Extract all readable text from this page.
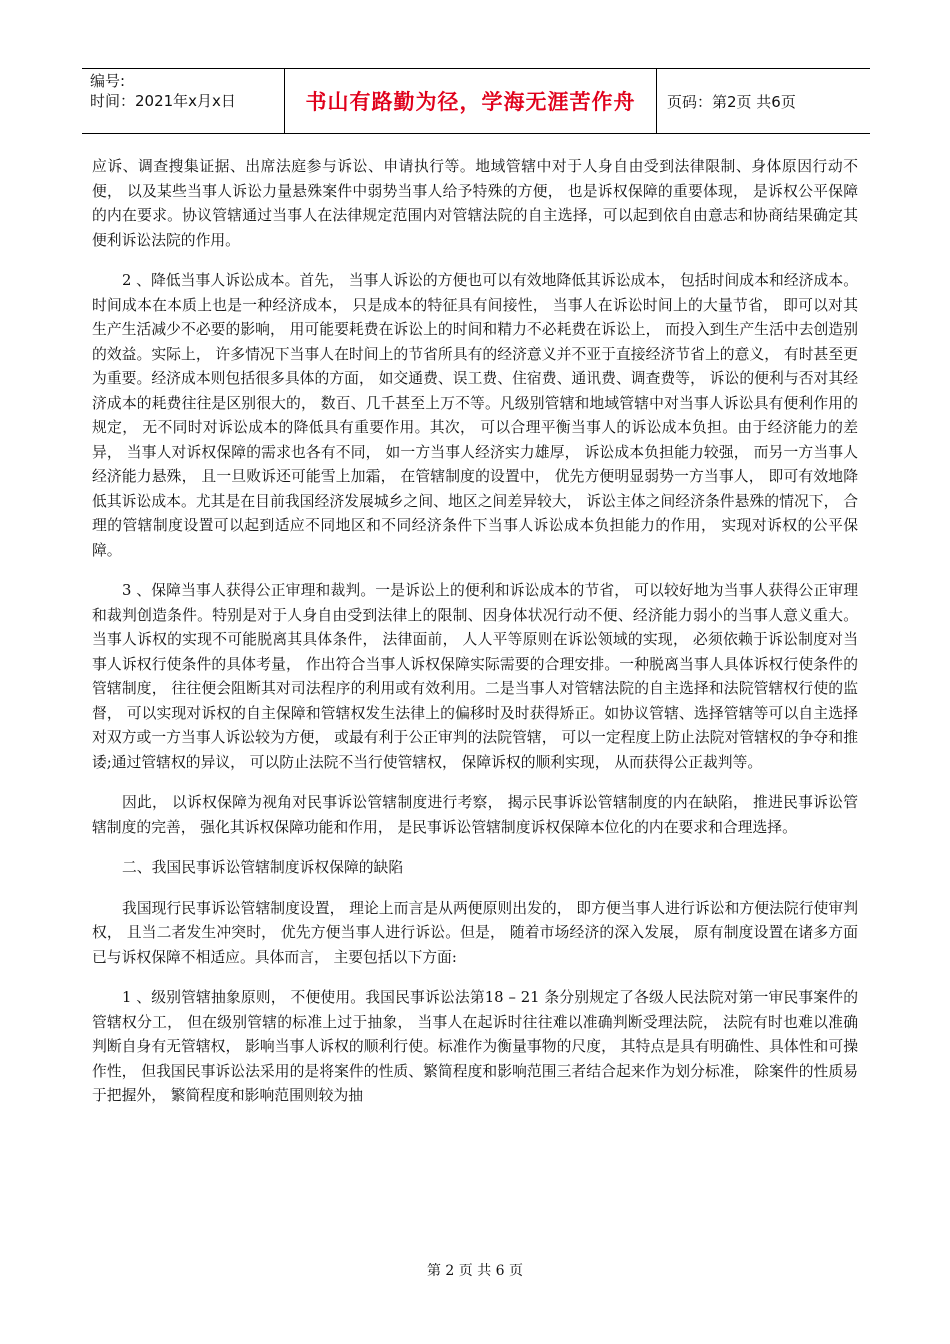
编号:
时间：2021年x月x日	书山有路勤为径，学海无涯苦作舟 页码：第2页 共6页

应诉、调查搜集证据、出席法庭参与诉讼、申请执行等。地域管辖中对于人身自由受到法律限制、身体原因行动不便， 以及某些当事人诉讼力量悬殊案件中弱势当事人给予特殊的方便， 也是诉权保障的重要体现， 是诉权公平保障的内在要求。协议管辖通过当事人在法律规定范围内对管辖法院的自主选择，可以起到依自由意志和协商结果确定其便利诉讼法院的作用。

2 、降低当事人诉讼成本。首先， 当事人诉讼的方便也可以有效地降低其诉讼成本， 包括时间成本和经济成本。时间成本在本质上也是一种经济成本， 只是成本的特征具有间接性， 当事人在诉讼时间上的大量节省， 即可以对其生产生活减少不必要的影响， 用可能要耗费在诉讼上的时间和精力不必耗费在诉讼上， 而投入到生产生活中去创造别的效益。实际上， 许多情况下当事人在时间上的节省所具有的经济意义并不亚于直接经济节省上的意义， 有时甚至更为重要。经济成本则包括很多具体的方面， 如交通费、误工费、住宿费、通讯费、调查费等， 诉讼的便利与否对其经济成本的耗费往往是区别很大的， 数百、几千甚至上万不等。凡级别管辖和地域管辖中对当事人诉讼具有便利作用的规定， 无不同时对诉讼成本的降低具有重要作用。其次， 可以合理平衡当事人的诉讼成本负担。由于经济能力的差异， 当事人对诉权保障的需求也各有不同， 如一方当事人经济实力雄厚， 诉讼成本负担能力较强， 而另一方当事人经济能力悬殊， 且一旦败诉还可能雪上加霜， 在管辖制度的设置中， 优先方便明显弱势一方当事人， 即可有效地降低其诉讼成本。尤其是在目前我国经济发展城乡之间、地区之间差异较大， 诉讼主体之间经济条件悬殊的情况下， 合理的管辖制度设置可以起到适应不同地区和不同经济条件下当事人诉讼成本负担能力的作用， 实现对诉权的公平保障。

3 、保障当事人获得公正审理和裁判。一是诉讼上的便利和诉讼成本的节省， 可以较好地为当事人获得公正审理和裁判创造条件。特别是对于人身自由受到法律上的限制、因身体状况行动不便、经济能力弱小的当事人意义重大。当事人诉权的实现不可能脱离其具体条件， 法律面前， 人人平等原则在诉讼领域的实现， 必须依赖于诉讼制度对当事人诉权行使条件的具体考量， 作出符合当事人诉权保障实际需要的合理安排。一种脱离当事人具体诉权行使条件的管辖制度， 往往便会阻断其对司法程序的利用或有效利用。二是当事人对管辖法院的自主选择和法院管辖权行使的监督， 可以实现对诉权的自主保障和管辖权发生法律上的偏移时及时获得矫正。如协议管辖、选择管辖等可以自主选择对双方或一方当事人诉讼较为方便， 或最有利于公正审判的法院管辖， 可以一定程度上防止法院对管辖权的争夺和推诿;通过管辖权的异议， 可以防止法院不当行使管辖权， 保障诉权的顺利实现， 从而获得公正裁判等。

因此， 以诉权保障为视角对民事诉讼管辖制度进行考察， 揭示民事诉讼管辖制度的内在缺陷， 推进民事诉讼管辖制度的完善， 强化其诉权保障功能和作用， 是民事诉讼管辖制度诉权保障本位化的内在要求和合理选择。

二、我国民事诉讼管辖制度诉权保障的缺陷

我国现行民事诉讼管辖制度设置， 理论上而言是从两便原则出发的， 即方便当事人进行诉讼和方便法院行使审判权， 且当二者发生冲突时， 优先方便当事人进行诉讼。但是， 随着市场经济的深入发展， 原有制度设置在诸多方面已与诉权保障不相适应。具体而言， 主要包括以下方面:

1 、级别管辖抽象原则， 不便使用。我国民事诉讼法第18 – 21 条分别规定了各级人民法院对第一审民事案件的管辖权分工， 但在级别管辖的标准上过于抽象， 当事人在起诉时往往难以准确判断受理法院， 法院有时也难以准确判断自身有无管辖权， 影响当事人诉权的顺利行使。标准作为衡量事物的尺度， 其特点是具有明确性、具体性和可操作性， 但我国民事诉讼法采用的是将案件的性质、繁简程度和影响范围三者结合起来作为划分标准， 除案件的性质易于把握外， 繁简程度和影响范围则较为抽

第 2 页 共 6 页
